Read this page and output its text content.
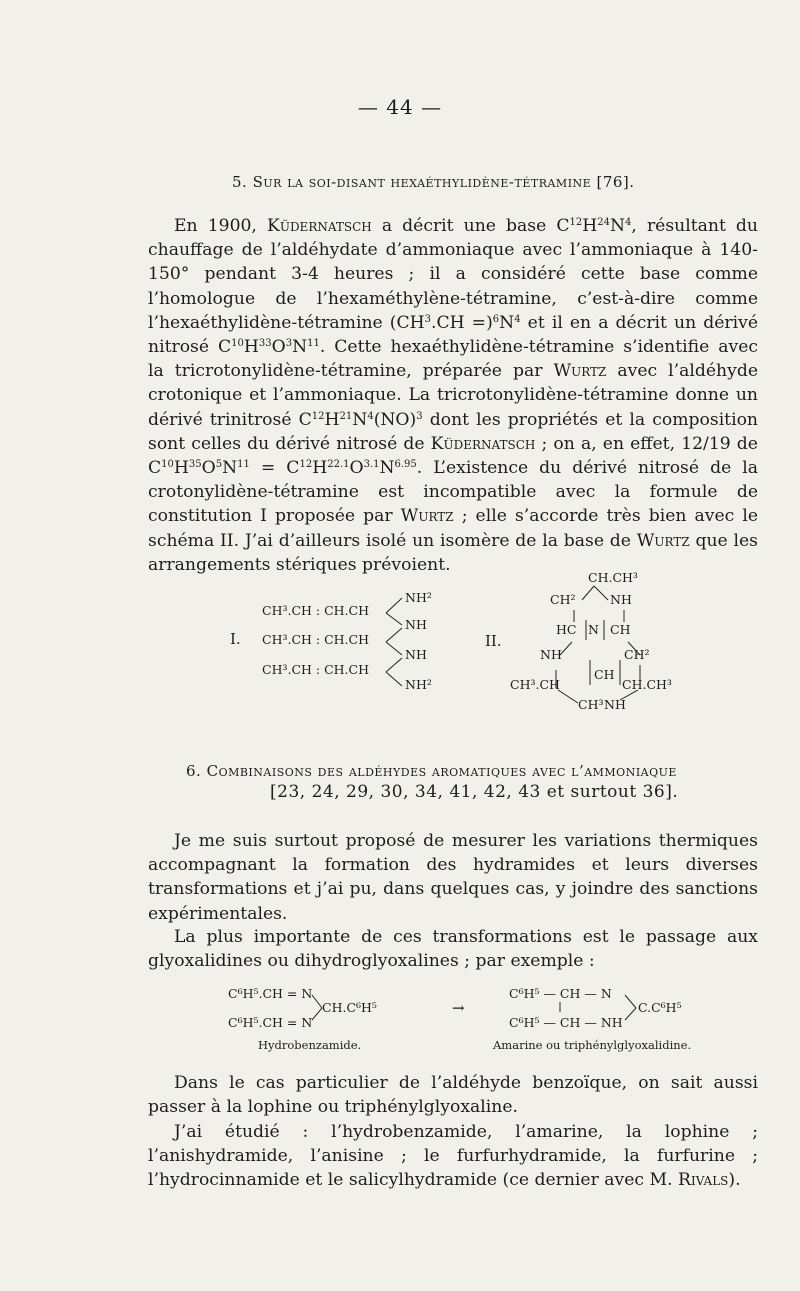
— 44 —
5. Sur la soi-disant hexaéthylidène-tétramine [76].

En 1900, Küdernatsch a décrit une base $C^{12}H^{24}N^4$, résultant du chauffage de l’aldéhydate d’ammoniaque avec l’ammoniaque à 140-150° pendant 3-4 heures ; il a considéré cette base comme l’homologue de l’hexaméthylène-tétramine, c’est-à-dire comme l’hexaéthylidène-tétramine $(CH^3.CH =)^6N^4$ et il en a décrit un dérivé nitrosé $C^{10}H^{33}O^3N^{11}$. Cette hexaéthylidène-tétramine s’identifie avec la tricrotonylidène-tétramine, préparée par Wurtz avec l’aldéhyde crotonique et l’ammoniaque. La tricrotonylidène-tétramine donne un dérivé trinitrosé $C^{12}H^{21}N^4(NO)^3$ dont les propriétés et la composition sont celles du dérivé nitrosé de Küdernatsch ; on a, en effet, 12/19 de $C^{10}H^{35}O^5N^{11} = C^{12}H^{22.1}O^{3.1}N^{6.95}$. L’existence du dérivé nitrosé de la crotonylidène-tétramine est incompatible avec la formule de constitution I proposée par Wurtz ; elle s’accorde très bien avec le schéma II. J’ai d’ailleurs isolé un isomère de la base de Wurtz que les arrangements stériques prévoient.

I.
CH³.CH : CH.CH
CH³.CH : CH.CH
CH³.CH : CH.CH
NH²
NH
NH
NH²
II.
CH.CH³
CH²	NH
HC N CH
NH	CH²
CH
CH³.CH	CH.CH³
CH³ NH
6. Combinaisons des aldéhydes aromatiques avec l’ammoniaque
[23, 24, 29, 30, 34, 41, 42, 43 et surtout 36].

Je me suis surtout proposé de mesurer les variations thermiques accompagnant la formation des hydramides et leurs diverses transformations et j’ai pu, dans quelques cas, y joindre des sanctions expérimentales.

La plus importante de ces transformations est le passage aux glyoxalidines ou dihydroglyoxalines ; par exemple :

C⁶H⁵.CH = N
CH.C⁶H⁵
C⁶H⁵.CH = N
→
C⁶H⁵ — CH — N
C.C⁶H⁵
C⁶H⁵ — CH — NH
Hydrobenzamide.	Amarine ou triphénylglyoxalidine.

Dans le cas particulier de l’aldéhyde benzoïque, on sait aussi passer à la lophine ou triphénylglyoxaline.

J’ai étudié : l’hydrobenzamide, l’amarine, la lophine ; l’anishydramide, l’anisine ; le furfurhydramide, la furfurine ; l’hydrocinnamide et le salicylhydramide (ce dernier avec M. Rivals).
